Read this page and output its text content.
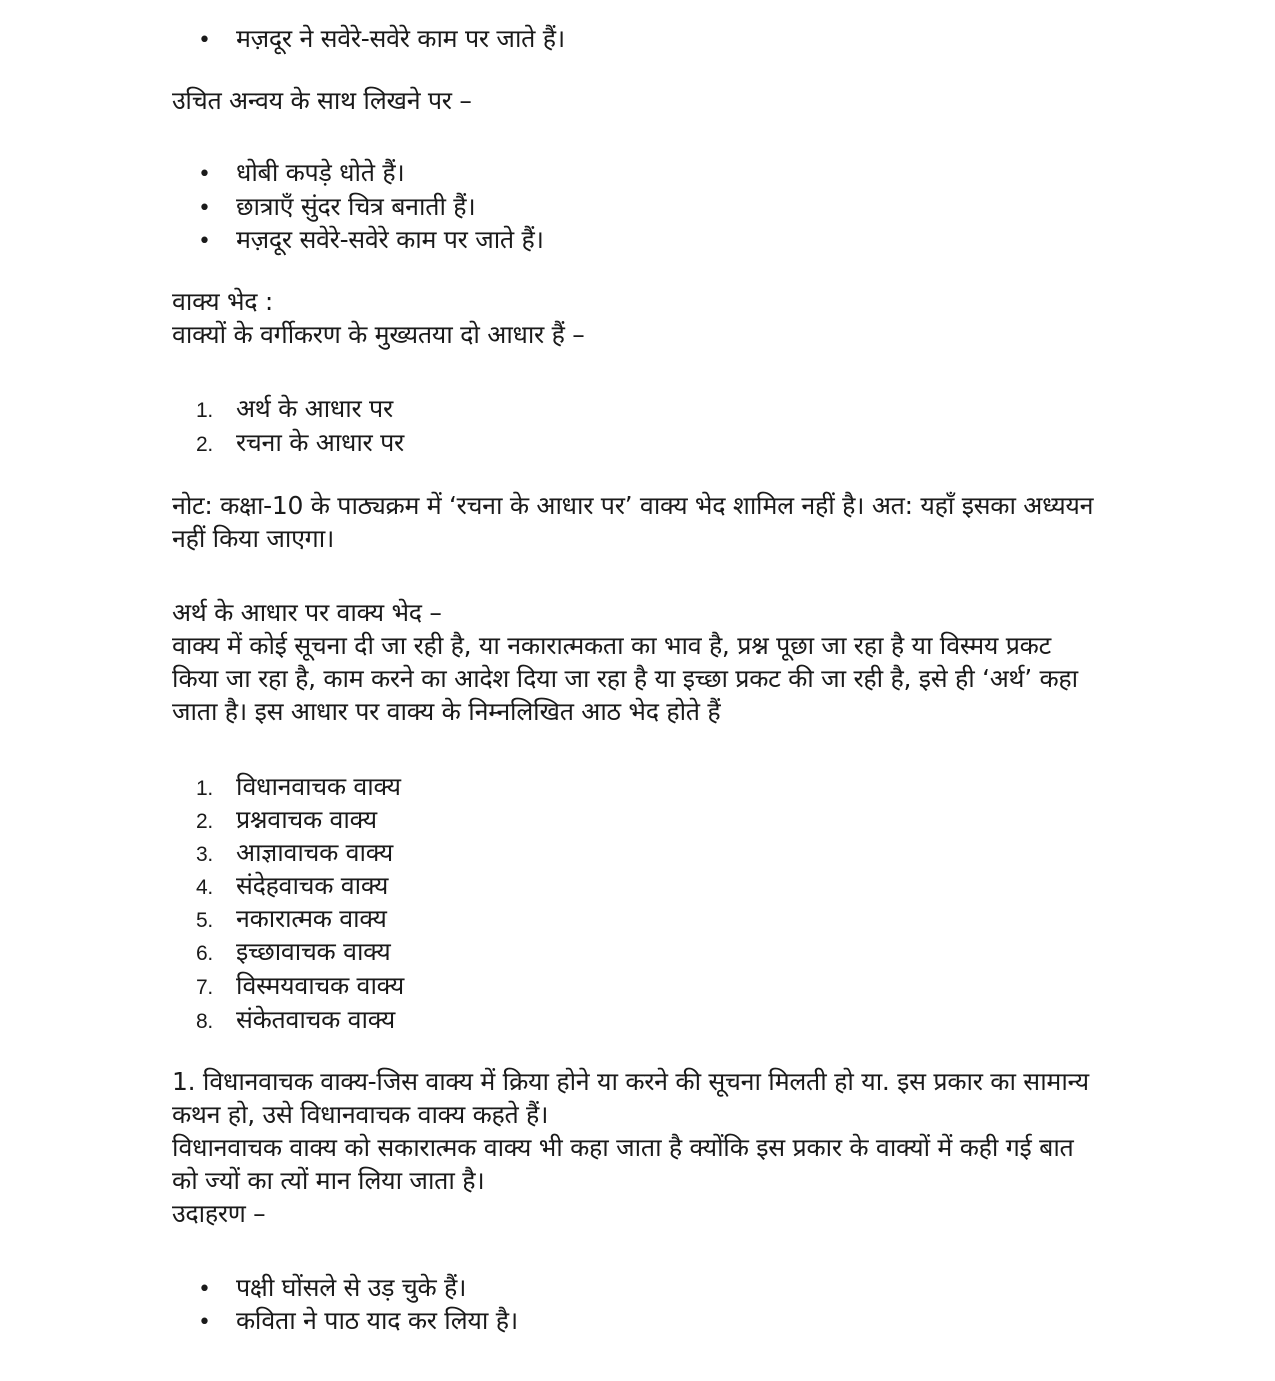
• मज़दूर ने सवेरे-सवेरे काम पर जाते हैं।
उचित अन्वय के साथ लिखने पर –
• धोबी कपड़े धोते हैं।
• छात्राएँ सुंदर चित्र बनाती हैं।
• मज़दूर सवेरे-सवेरे काम पर जाते हैं।
वाक्य भेद :
वाक्यों के वर्गीकरण के मुख्यतया दो आधार हैं –
1. अर्थ के आधार पर
2. रचना के आधार पर
नोट: कक्षा-10 के पाठ्यक्रम में ‘रचना के आधार पर’ वाक्य भेद शामिल नहीं है। अत: यहाँ इसका अध्ययन
नहीं किया जाएगा।
अर्थ के आधार पर वाक्य भेद –
वाक्य में कोई सूचना दी जा रही है, या नकारात्मकता का भाव है, प्रश्न पूछा जा रहा है या विस्मय प्रकट
किया जा रहा है, काम करने का आदेश दिया जा रहा है या इच्छा प्रकट की जा रही है, इसे ही ‘अर्थ’ कहा
जाता है। इस आधार पर वाक्य के निम्नलिखित आठ भेद होते हैं
1. विधानवाचक वाक्य
2. प्रश्नवाचक वाक्य
3. आज्ञावाचक वाक्य
4. संदेहवाचक वाक्य
5. नकारात्मक वाक्य
6. इच्छावाचक वाक्य
7. विस्मयवाचक वाक्य
8. संकेतवाचक वाक्य
1. विधानवाचक वाक्य-जिस वाक्य में क्रिया होने या करने की सूचना मिलती हो या. इस प्रकार का सामान्य
कथन हो, उसे विधानवाचक वाक्य कहते हैं।
विधानवाचक वाक्य को सकारात्मक वाक्य भी कहा जाता है क्योंकि इस प्रकार के वाक्यों में कही गई बात
को ज्यों का त्यों मान लिया जाता है।
उदाहरण –
• पक्षी घोंसले से उड़ चुके हैं।
• कविता ने पाठ याद कर लिया है।
